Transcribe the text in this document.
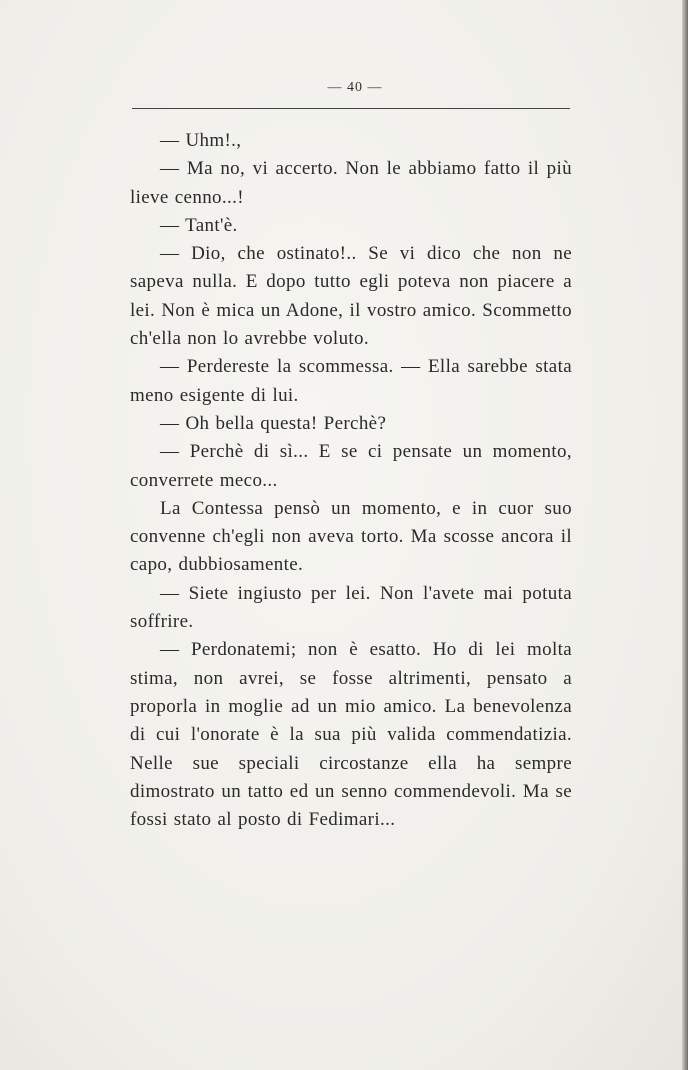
— 40 —

— Uhm!.,

— Ma no, vi accerto. Non le abbiamo fatto il più lieve cenno...!

— Tant'è.

— Dio, che ostinato!.. Se vi dico che non ne sapeva nulla. E dopo tutto egli poteva non piacere a lei. Non è mica un Adone, il vostro amico. Scommetto ch'ella non lo avrebbe voluto.

— Perdereste la scommessa. — Ella sarebbe stata meno esigente di lui.

— Oh bella questa! Perchè?

— Perchè di sì... E se ci pensate un momento, converrete meco...

La Contessa pensò un momento, e in cuor suo convenne ch'egli non aveva torto. Ma scosse ancora il capo, dubbiosamente.

— Siete ingiusto per lei. Non l'avete mai potuta soffrire.

— Perdonatemi; non è esatto. Ho di lei molta stima, non avrei, se fosse altrimenti, pensato a proporla in moglie ad un mio amico. La benevolenza di cui l'onorate è la sua più valida commendatizia. Nelle sue speciali circostanze ella ha sempre dimostrato un tatto ed un senno commendevoli. Ma se fossi stato al posto di Fedimari...
